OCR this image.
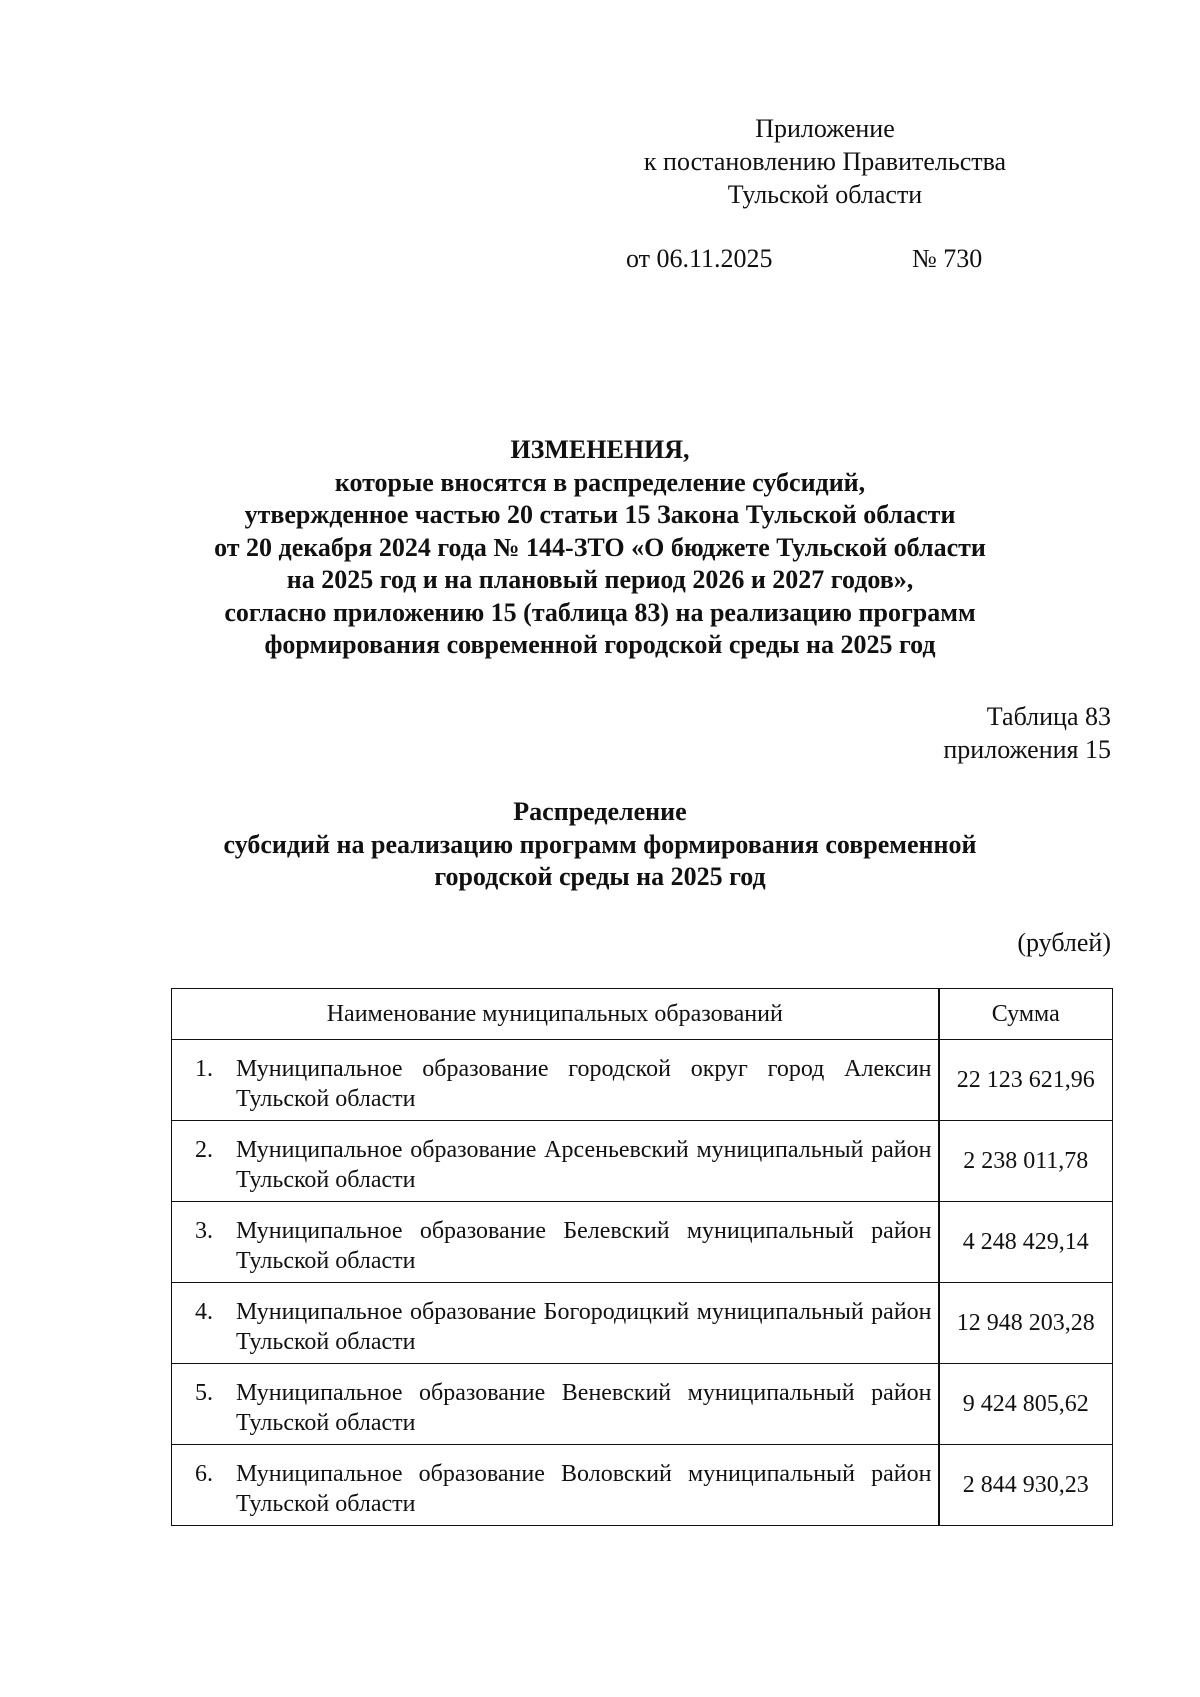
Приложение
к постановлению Правительства
Тульской области
от 06.11.2025	№ 730
ИЗМЕНЕНИЯ,
которые вносятся в распределение субсидий,
утвержденное частью 20 статьи 15 Закона Тульской области
от 20 декабря 2024 года № 144-ЗТО «О бюджете Тульской области
на 2025 год и на плановый период 2026 и 2027 годов»,
согласно приложению 15 (таблица 83) на реализацию программ
формирования современной городской среды на 2025 год
Таблица 83
приложения 15
Распределение
субсидий на реализацию программ формирования современной
городской среды на 2025 год
(рублей)
Наименование муниципальных образований	Сумма

1. Муниципальное образование городской округ город Алексин Тульской области	22 123 621,96

2. Муниципальное образование Арсеньевский муниципальный район Тульской области	2 238 011,78

3. Муниципальное образование Белевский муниципальный район Тульской области	4 248 429,14

4. Муниципальное образование Богородицкий муниципальный район Тульской области	12 948 203,28

5. Муниципальное образование Веневский муниципальный район Тульской области	9 424 805,62

6. Муниципальное образование Воловский муниципальный район Тульской области	2 844 930,23
